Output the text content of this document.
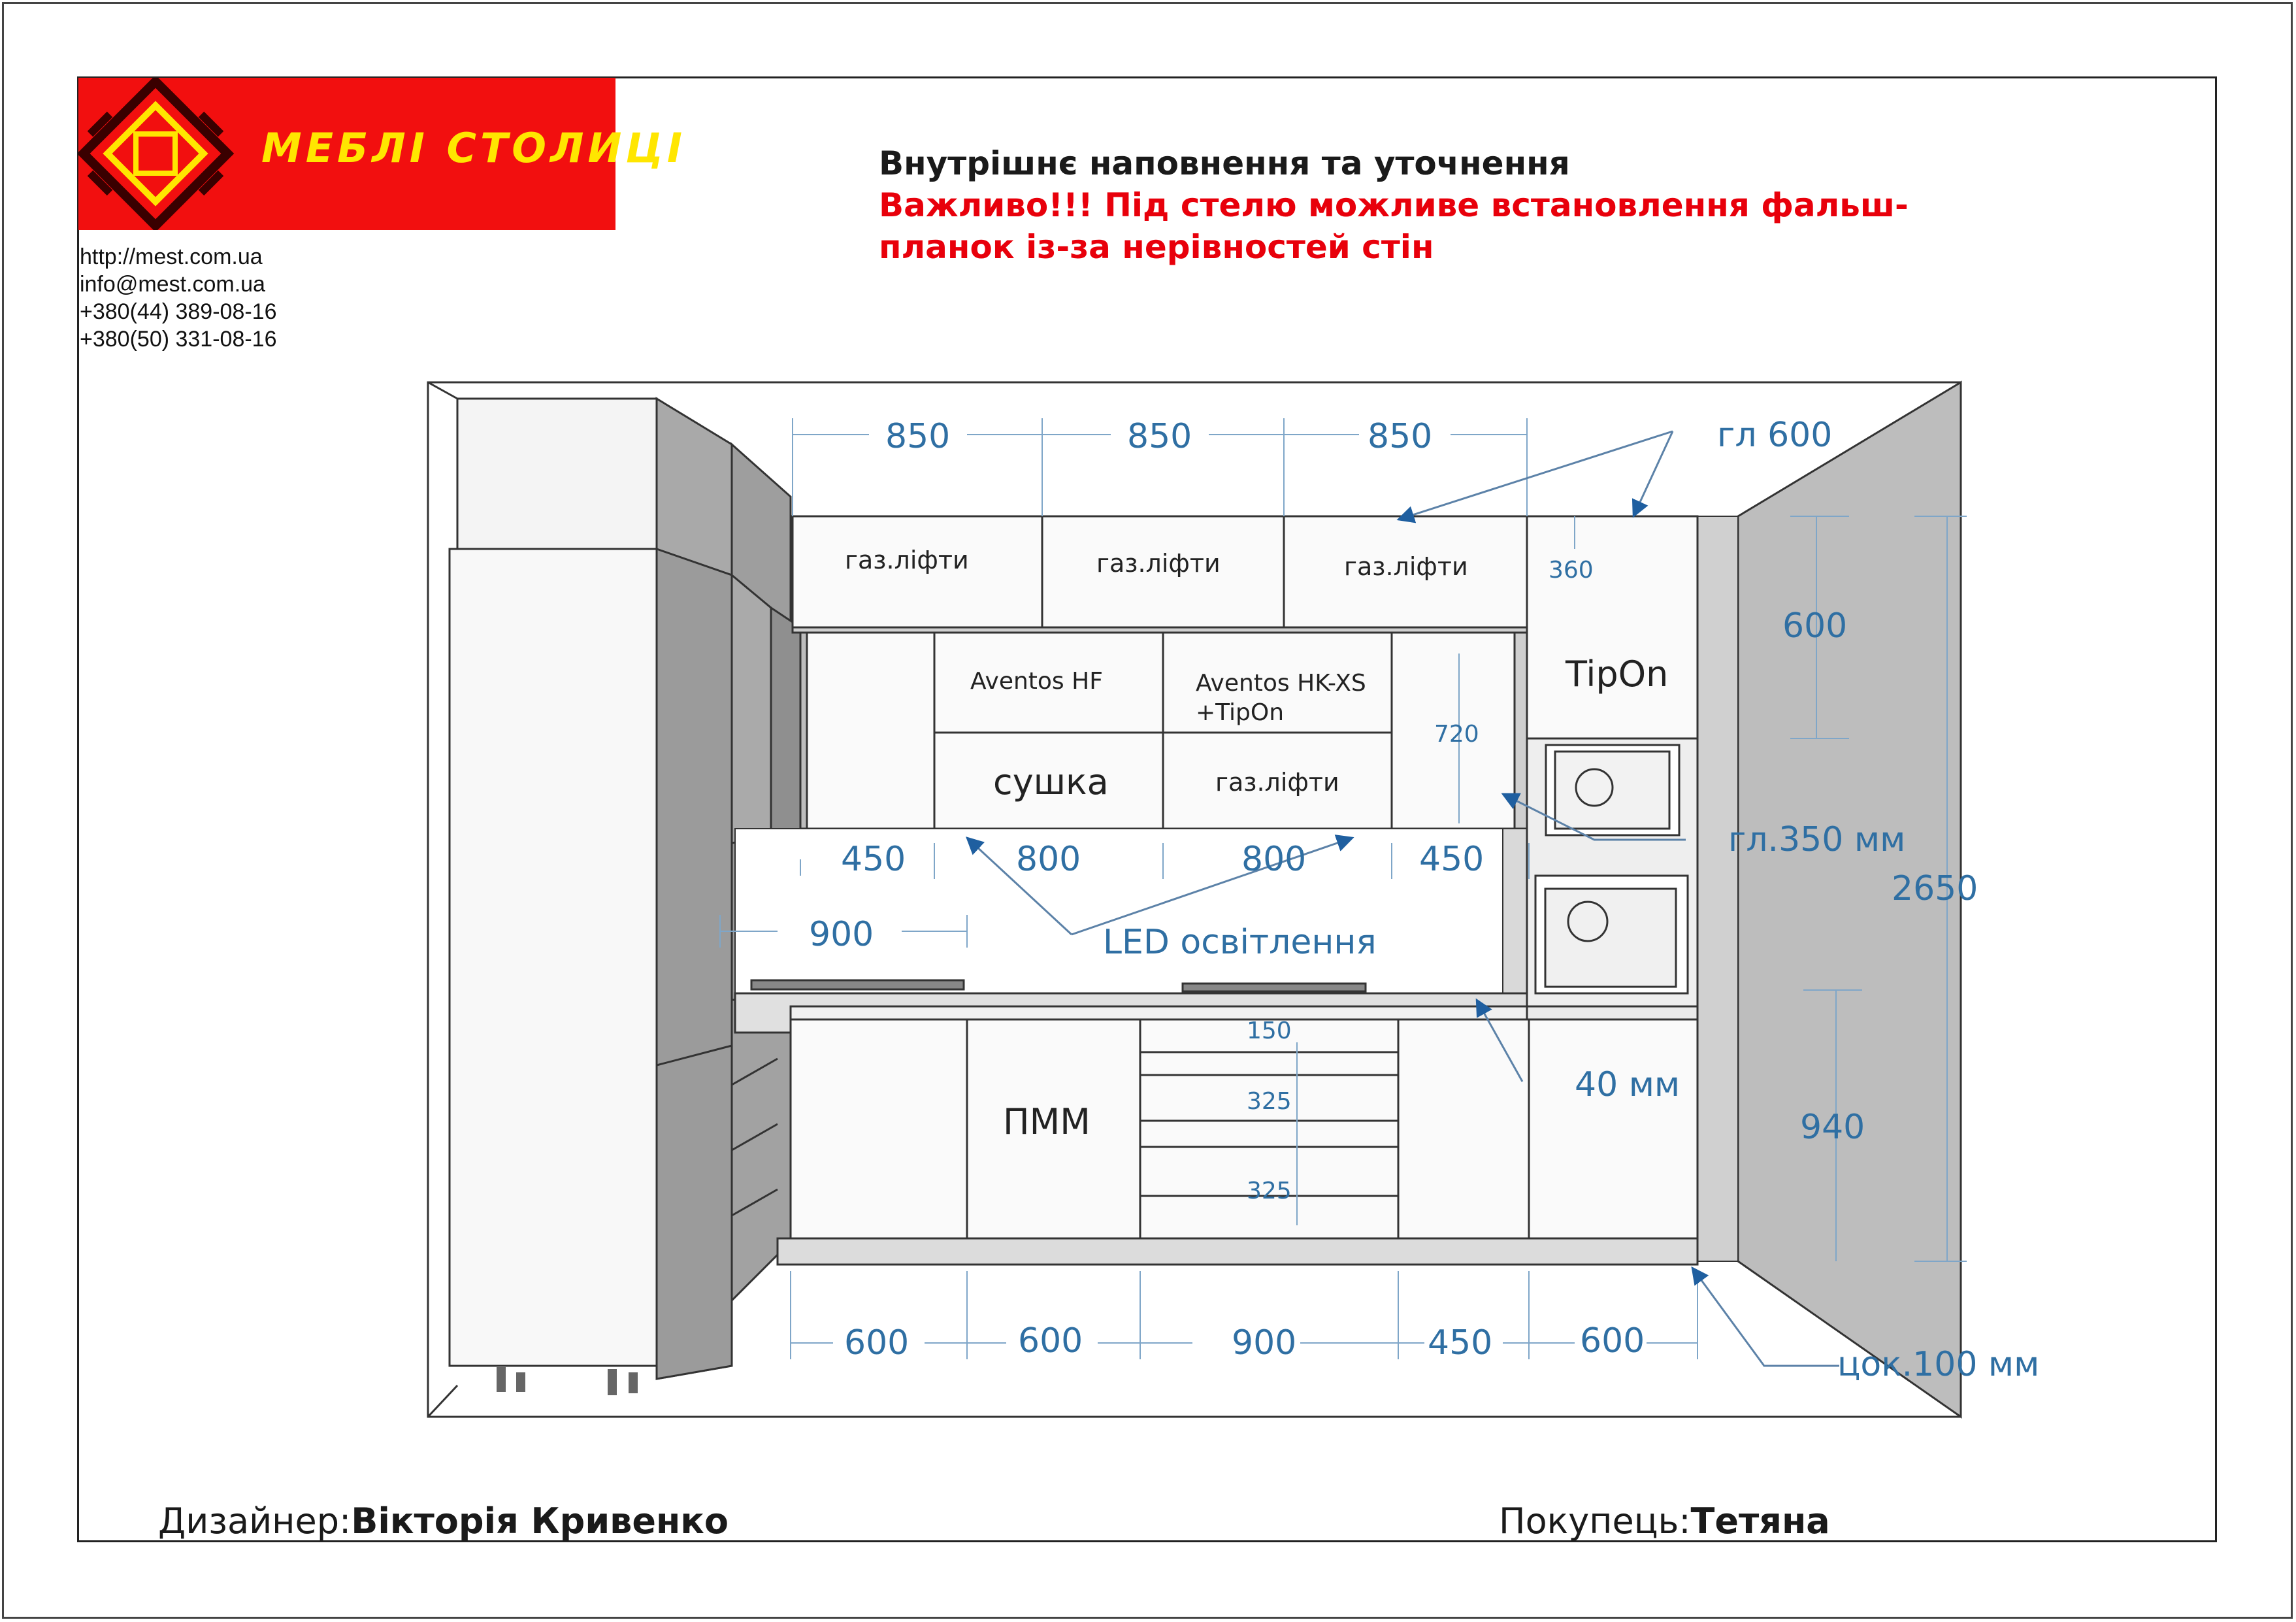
МЕБЛІ СТОЛИЦІ
http://mest.com.ua
info@mest.com.ua
+380(44) 389-08-16
+380(50) 331-08-16
Внутрішнє наповнення та уточнення
Важливо!!! Під стелю можливе встановлення фальш-
планок із-за нерівностей стін
850	850	850	гл 600
газ.ліфти	газ.ліфти	газ.ліфти	360
600
TipOn
Aventos HF	Aventos HK-XS
+TipOn
720
сушка	газ.ліфти
450	800	800	450	гл.350 мм
2650
900	LED освітлення
150
40 мм
325
ПММ	940
325
600	600	900	450	600
цок.100 мм
Дизайнер:Вікторія Кривенко	Покупець:Тетяна
